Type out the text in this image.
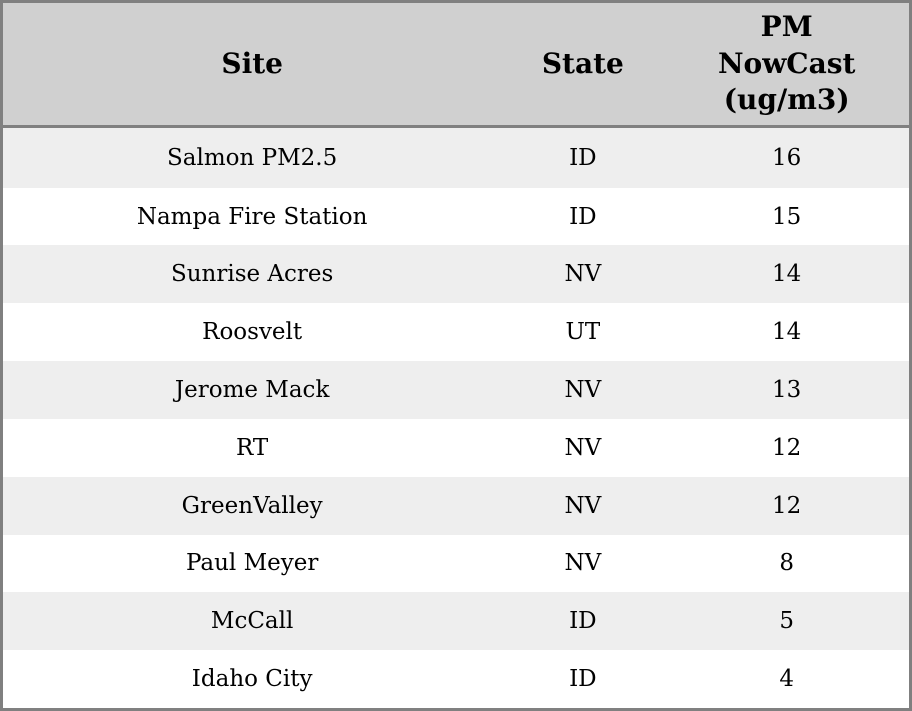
Site	State	PM
NowCast
(ug/m3)

Salmon PM2.5	ID	16
Nampa Fire Station	ID	15
Sunrise Acres	NV	14
Roosvelt	UT	14
Jerome Mack	NV	13
RT	NV	12
GreenValley	NV	12
Paul Meyer	NV	8
McCall	ID	5
Idaho City	ID	4
